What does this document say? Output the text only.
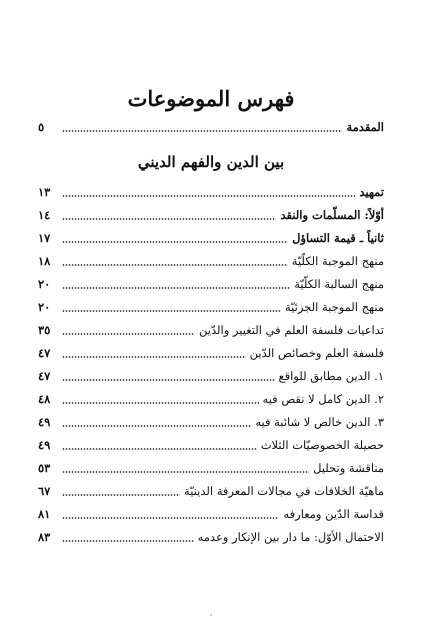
فهرس الموضوعات
المقدمة
٥
بين الدين والفهم الديني
تمهيد
١٣
أوّلاً: المسلّمات والنقد
١٤
ثانياً ـ قيمة التساؤل
١٧
منهج الموجبة الكلّيّة
١٨
منهج السالبة الكلّيّة
٢٠
منهج الموجبة الجزئيّة
٢٠
تداعيات فلسفة العلم في التغيير والدّين
٣٥
فلسفة العلم وخصائص الدّين
٤٧
١. الدين مطابق للواقع
٤٧
٢. الدين كامل لا نقص فيه
٤٨
٣. الدين خالص لا شائبة فيه
٤٩
حصيلة الخصوصيّات الثلاث
٤٩
مناقشة وتحليل
٥٣
ماهيّة الخلافات في مجالات المعرفة الدينيّة
٦٧
قداسة الدّين ومعارفه
٨١
الاحتمال الأوّل: ما دار بين الإنكار وعدمه
٨٣
·
